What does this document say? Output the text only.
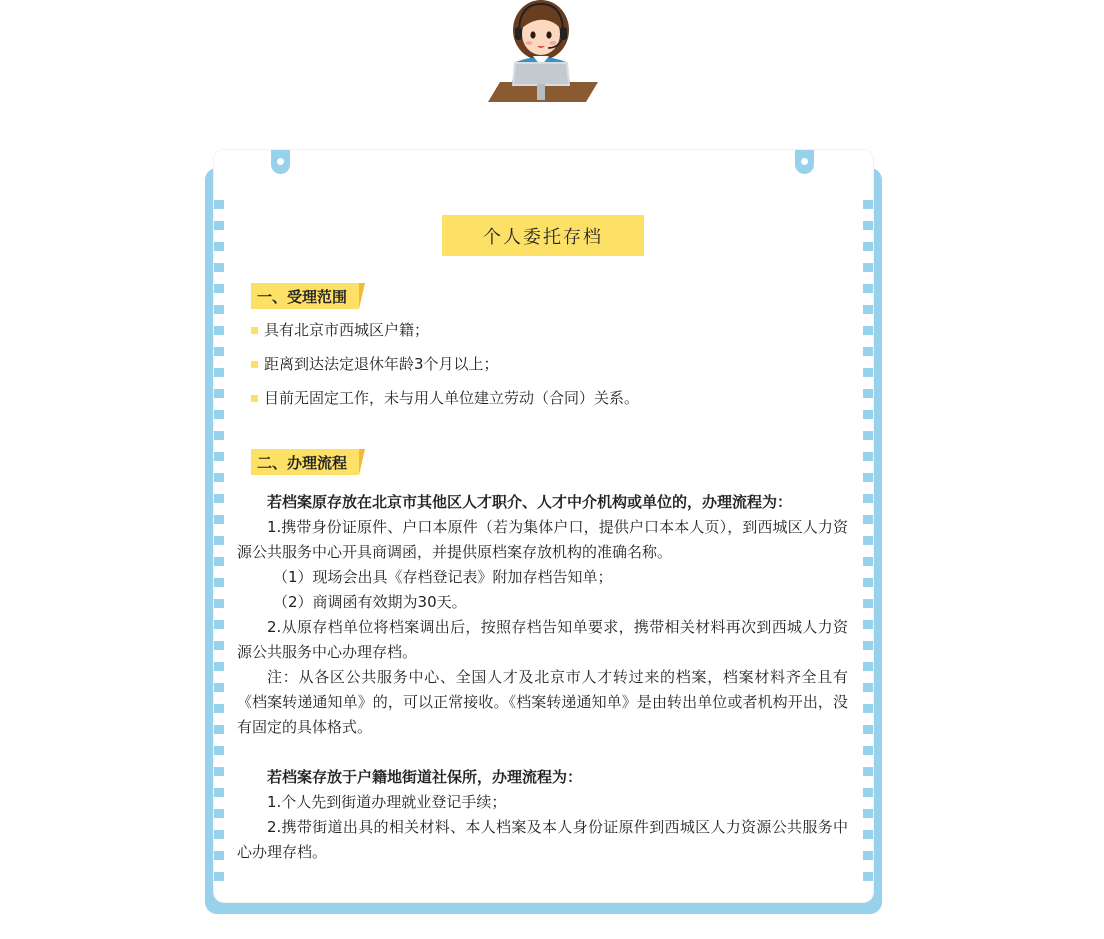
个人委托存档
一、受理范围
具有北京市西城区户籍；
距离到达法定退休年龄3个月以上；
目前无固定工作，未与用人单位建立劳动（合同）关系。
二、办理流程

若档案原存放在北京市其他区人才职介、人才中介机构或单位的，办理流程为：

1.携带身份证原件、户口本原件（若为集体户口，提供户口本本人页），到西城区人力资源公共服务中心开具商调函，并提供原档案存放机构的准确名称。

（1）现场会出具《存档登记表》附加存档告知单；

（2）商调函有效期为30天。

2.从原存档单位将档案调出后，按照存档告知单要求，携带相关材料再次到西城人力资源公共服务中心办理存档。

注：从各区公共服务中心、全国人才及北京市人才转过来的档案，档案材料齐全且有《档案转递通知单》的，可以正常接收。《档案转递通知单》是由转出单位或者机构开出，没有固定的具体格式。

若档案存放于户籍地街道社保所，办理流程为：

1.个人先到街道办理就业登记手续；

2.携带街道出具的相关材料、本人档案及本人身份证原件到西城区人力资源公共服务中心办理存档。
